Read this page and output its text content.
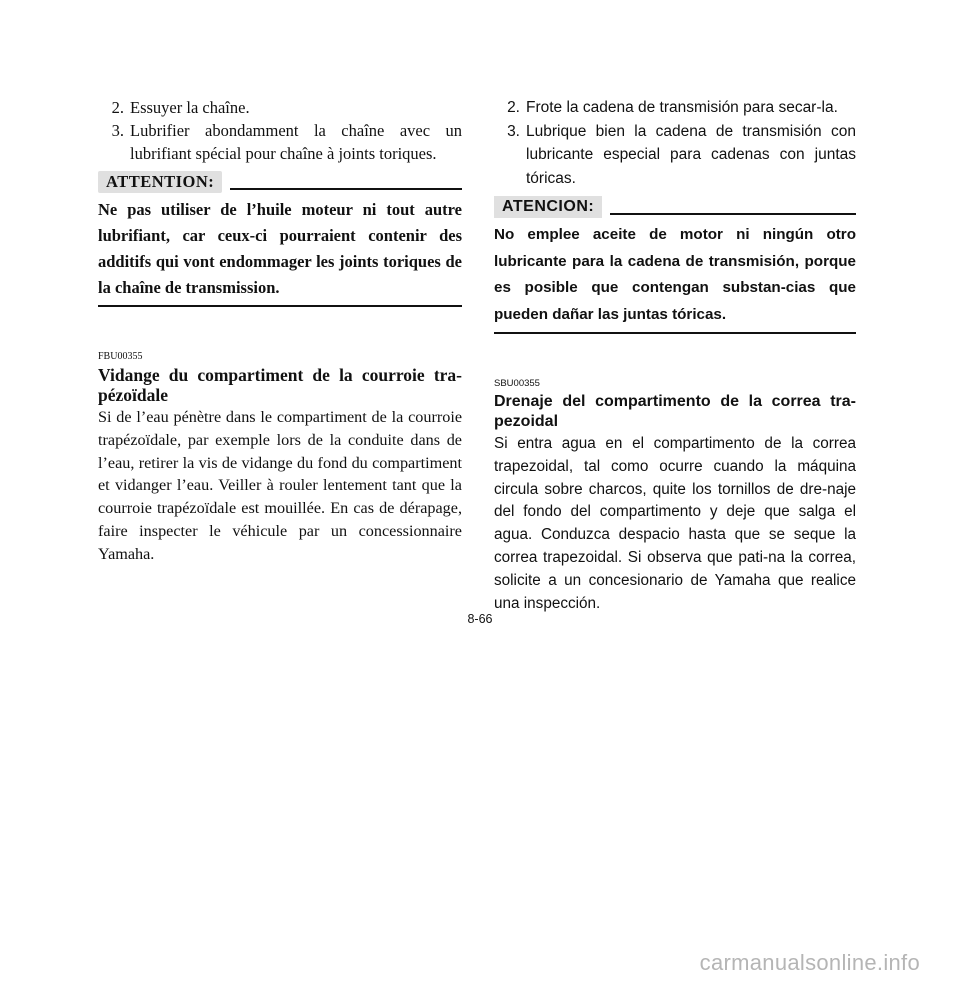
2. Essuyer la chaîne.
3. Lubrifier abondamment la chaîne avec un lubrifiant spécial pour chaîne à joints toriques.
ATTENTION:
Ne pas utiliser de l’huile moteur ni tout autre lubrifiant, car ceux-ci pourraient contenir des additifs qui vont endommager les joints toriques de la chaîne de transmission.
FBU00355
Vidange du compartiment de la courroie tra-pézoïdale
Si de l’eau pénètre dans le compartiment de la courroie trapézoïdale, par exemple lors de la conduite dans de l’eau, retirer la vis de vidange du fond du compartiment et vidanger l’eau. Veiller à rouler lentement tant que la courroie trapézoïdale est mouillée. En cas de dérapage, faire inspecter le véhicule par un concessionnaire Yamaha.
2. Frote la cadena de transmisión para secar-la.
3. Lubrique bien la cadena de transmisión con lubricante especial para cadenas con juntas tóricas.
ATENCION:
No emplee aceite de motor ni ningún otro lubricante para la cadena de transmisión, porque es posible que contengan substan-cias que pueden dañar las juntas tóricas.
SBU00355
Drenaje del compartimento de la correa tra-pezoidal
Si entra agua en el compartimento de la correa trapezoidal, tal como ocurre cuando la máquina circula sobre charcos, quite los tornillos de dre-naje del fondo del compartimento y deje que salga el agua. Conduzca despacio hasta que se seque la correa trapezoidal. Si observa que pati-na la correa, solicite a un concesionario de Yamaha que realice una inspección.
8-66
carmanualsonline.info
